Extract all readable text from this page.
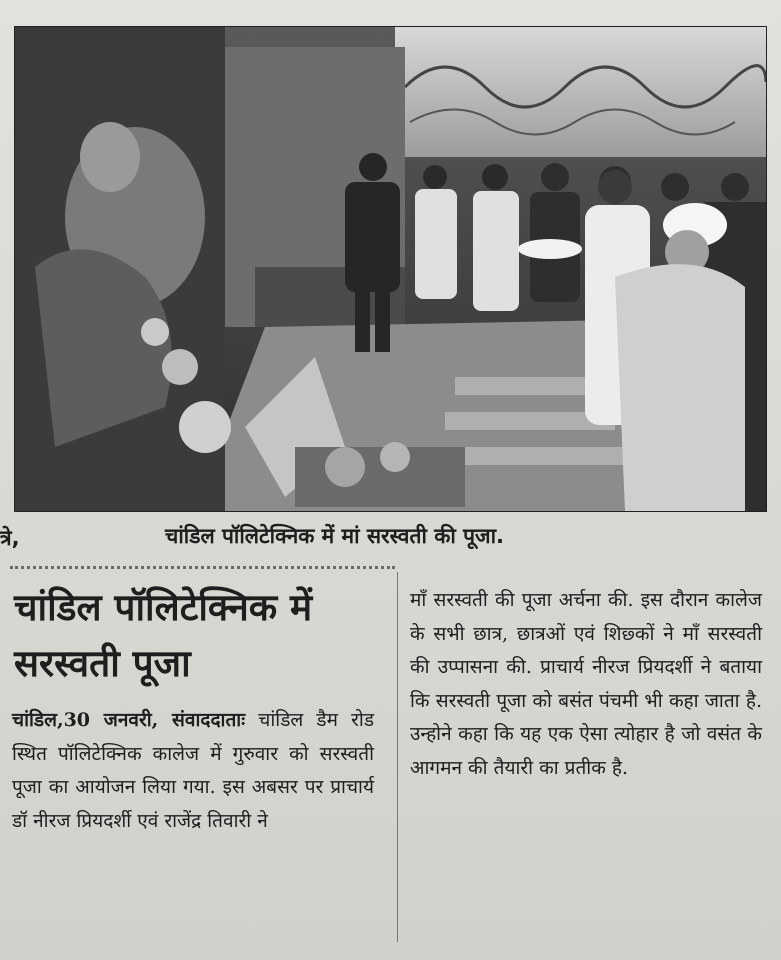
त्रे,	चांडिल पॉलिटेक्निक में मां सरस्वती की पूजा.
चांडिल पॉलिटेक्निक में
सरस्वती पूजा

चांडिल,30 जनवरी, संवाददाताः चांडिल डैम रोड स्थित पॉलिटेक्निक कालेज में गुरुवार को सरस्वती पूजा का आयोजन लिया गया. इस अबसर पर प्राचार्य डॉ नीरज प्रियदर्शी एवं राजेंद्र तिवारी ने

माँ सरस्वती की पूजा अर्चना की. इस दौरान कालेज के सभी छात्र, छात्रओं एवं शिछ्कों ने माँ सरस्वती की उप्पासना की. प्राचार्य नीरज प्रियदर्शी ने बताया कि सरस्वती पूजा को बसंत पंचमी भी कहा जाता है. उन्होने कहा कि यह एक ऐसा त्योहार है जो वसंत के आगमन की तैयारी का प्रतीक है.
